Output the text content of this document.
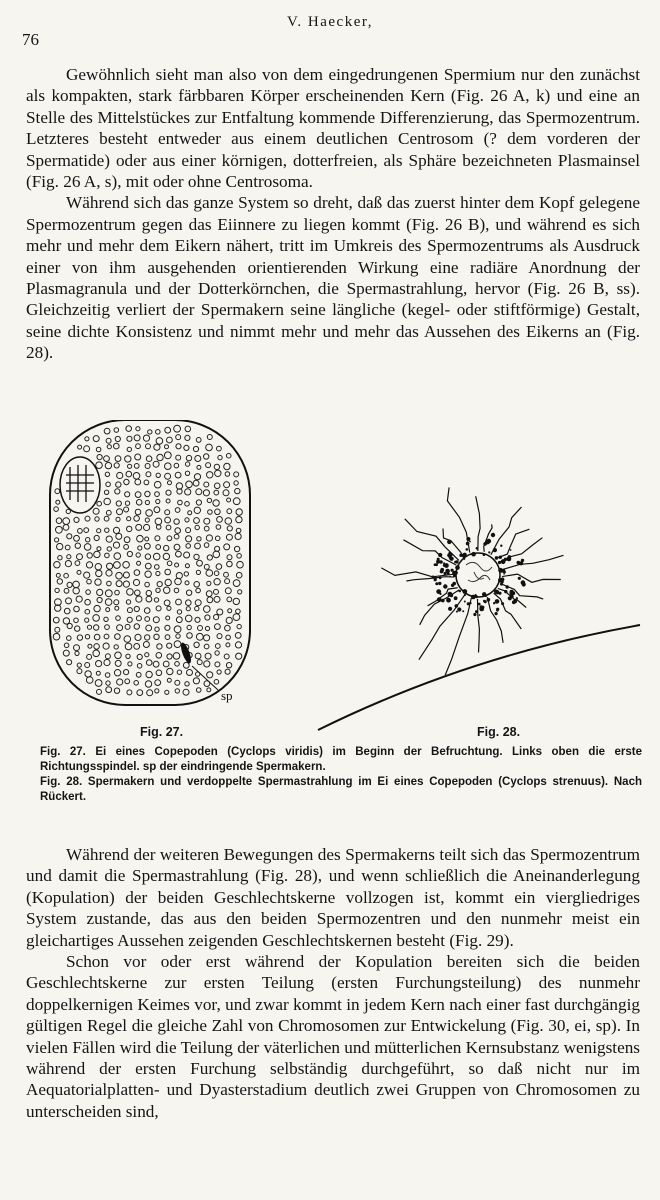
76
V. Haecker,

Gewöhnlich sieht man also von dem eingedrungenen Spermium nur den zunächst als kompakten, stark färbbaren Körper erscheinenden Kern (Fig. 26 A, k) und eine an Stelle des Mittelstückes zur Entfaltung kommende Differenzierung, das Spermozentrum. Letzteres besteht entweder aus einem deutlichen Centrosom (? dem vorderen der Spermatide) oder aus einer körnigen, dotterfreien, als Sphäre bezeichneten Plasmainsel (Fig. 26 A, s), mit oder ohne Centrosoma.

Während sich das ganze System so dreht, daß das zuerst hinter dem Kopf gelegene Spermozentrum gegen das Eiinnere zu liegen kommt (Fig. 26 B), und während es sich mehr und mehr dem Eikern nähert, tritt im Umkreis des Spermozentrums als Ausdruck einer von ihm ausgehenden orientierenden Wirkung eine radiäre Anordnung der Plasmagranula und der Dotterkörnchen, die Spermastrahlung, hervor (Fig. 26 B, ss). Gleichzeitig verliert der Spermakern seine längliche (kegel- oder stiftförmige) Gestalt, seine dichte Konsistenz und nimmt mehr und mehr das Aussehen des Eikerns an (Fig. 28).

sp
Fig. 27.	Fig. 28.

Fig. 27. Ei eines Copepoden (Cyclops viridis) im Beginn der Befruchtung. Links oben die erste Richtungsspindel. sp der eindringende Spermakern.

Fig. 28. Spermakern und verdoppelte Spermastrahlung im Ei eines Copepoden (Cyclops strenuus). Nach Rückert.

Während der weiteren Bewegungen des Spermakerns teilt sich das Spermozentrum und damit die Spermastrahlung (Fig. 28), und wenn schließlich die Aneinanderlegung (Kopulation) der beiden Geschlechtskerne vollzogen ist, kommt ein viergliedriges System zustande, das aus den beiden Spermozentren und den nunmehr meist ein gleichartiges Aussehen zeigenden Geschlechtskernen besteht (Fig. 29).

Schon vor oder erst während der Kopulation bereiten sich die beiden Geschlechtskerne zur ersten Teilung (ersten Furchungsteilung) des nunmehr doppelkernigen Keimes vor, und zwar kommt in jedem Kern nach einer fast durchgängig gültigen Regel die gleiche Zahl von Chromosomen zur Entwickelung (Fig. 30, ei, sp). In vielen Fällen wird die Teilung der väterlichen und mütterlichen Kernsubstanz wenigstens während der ersten Furchung selbständig durchgeführt, so daß nicht nur im Aequatorialplatten- und Dyasterstadium deutlich zwei Gruppen von Chromosomen zu unterscheiden sind,
